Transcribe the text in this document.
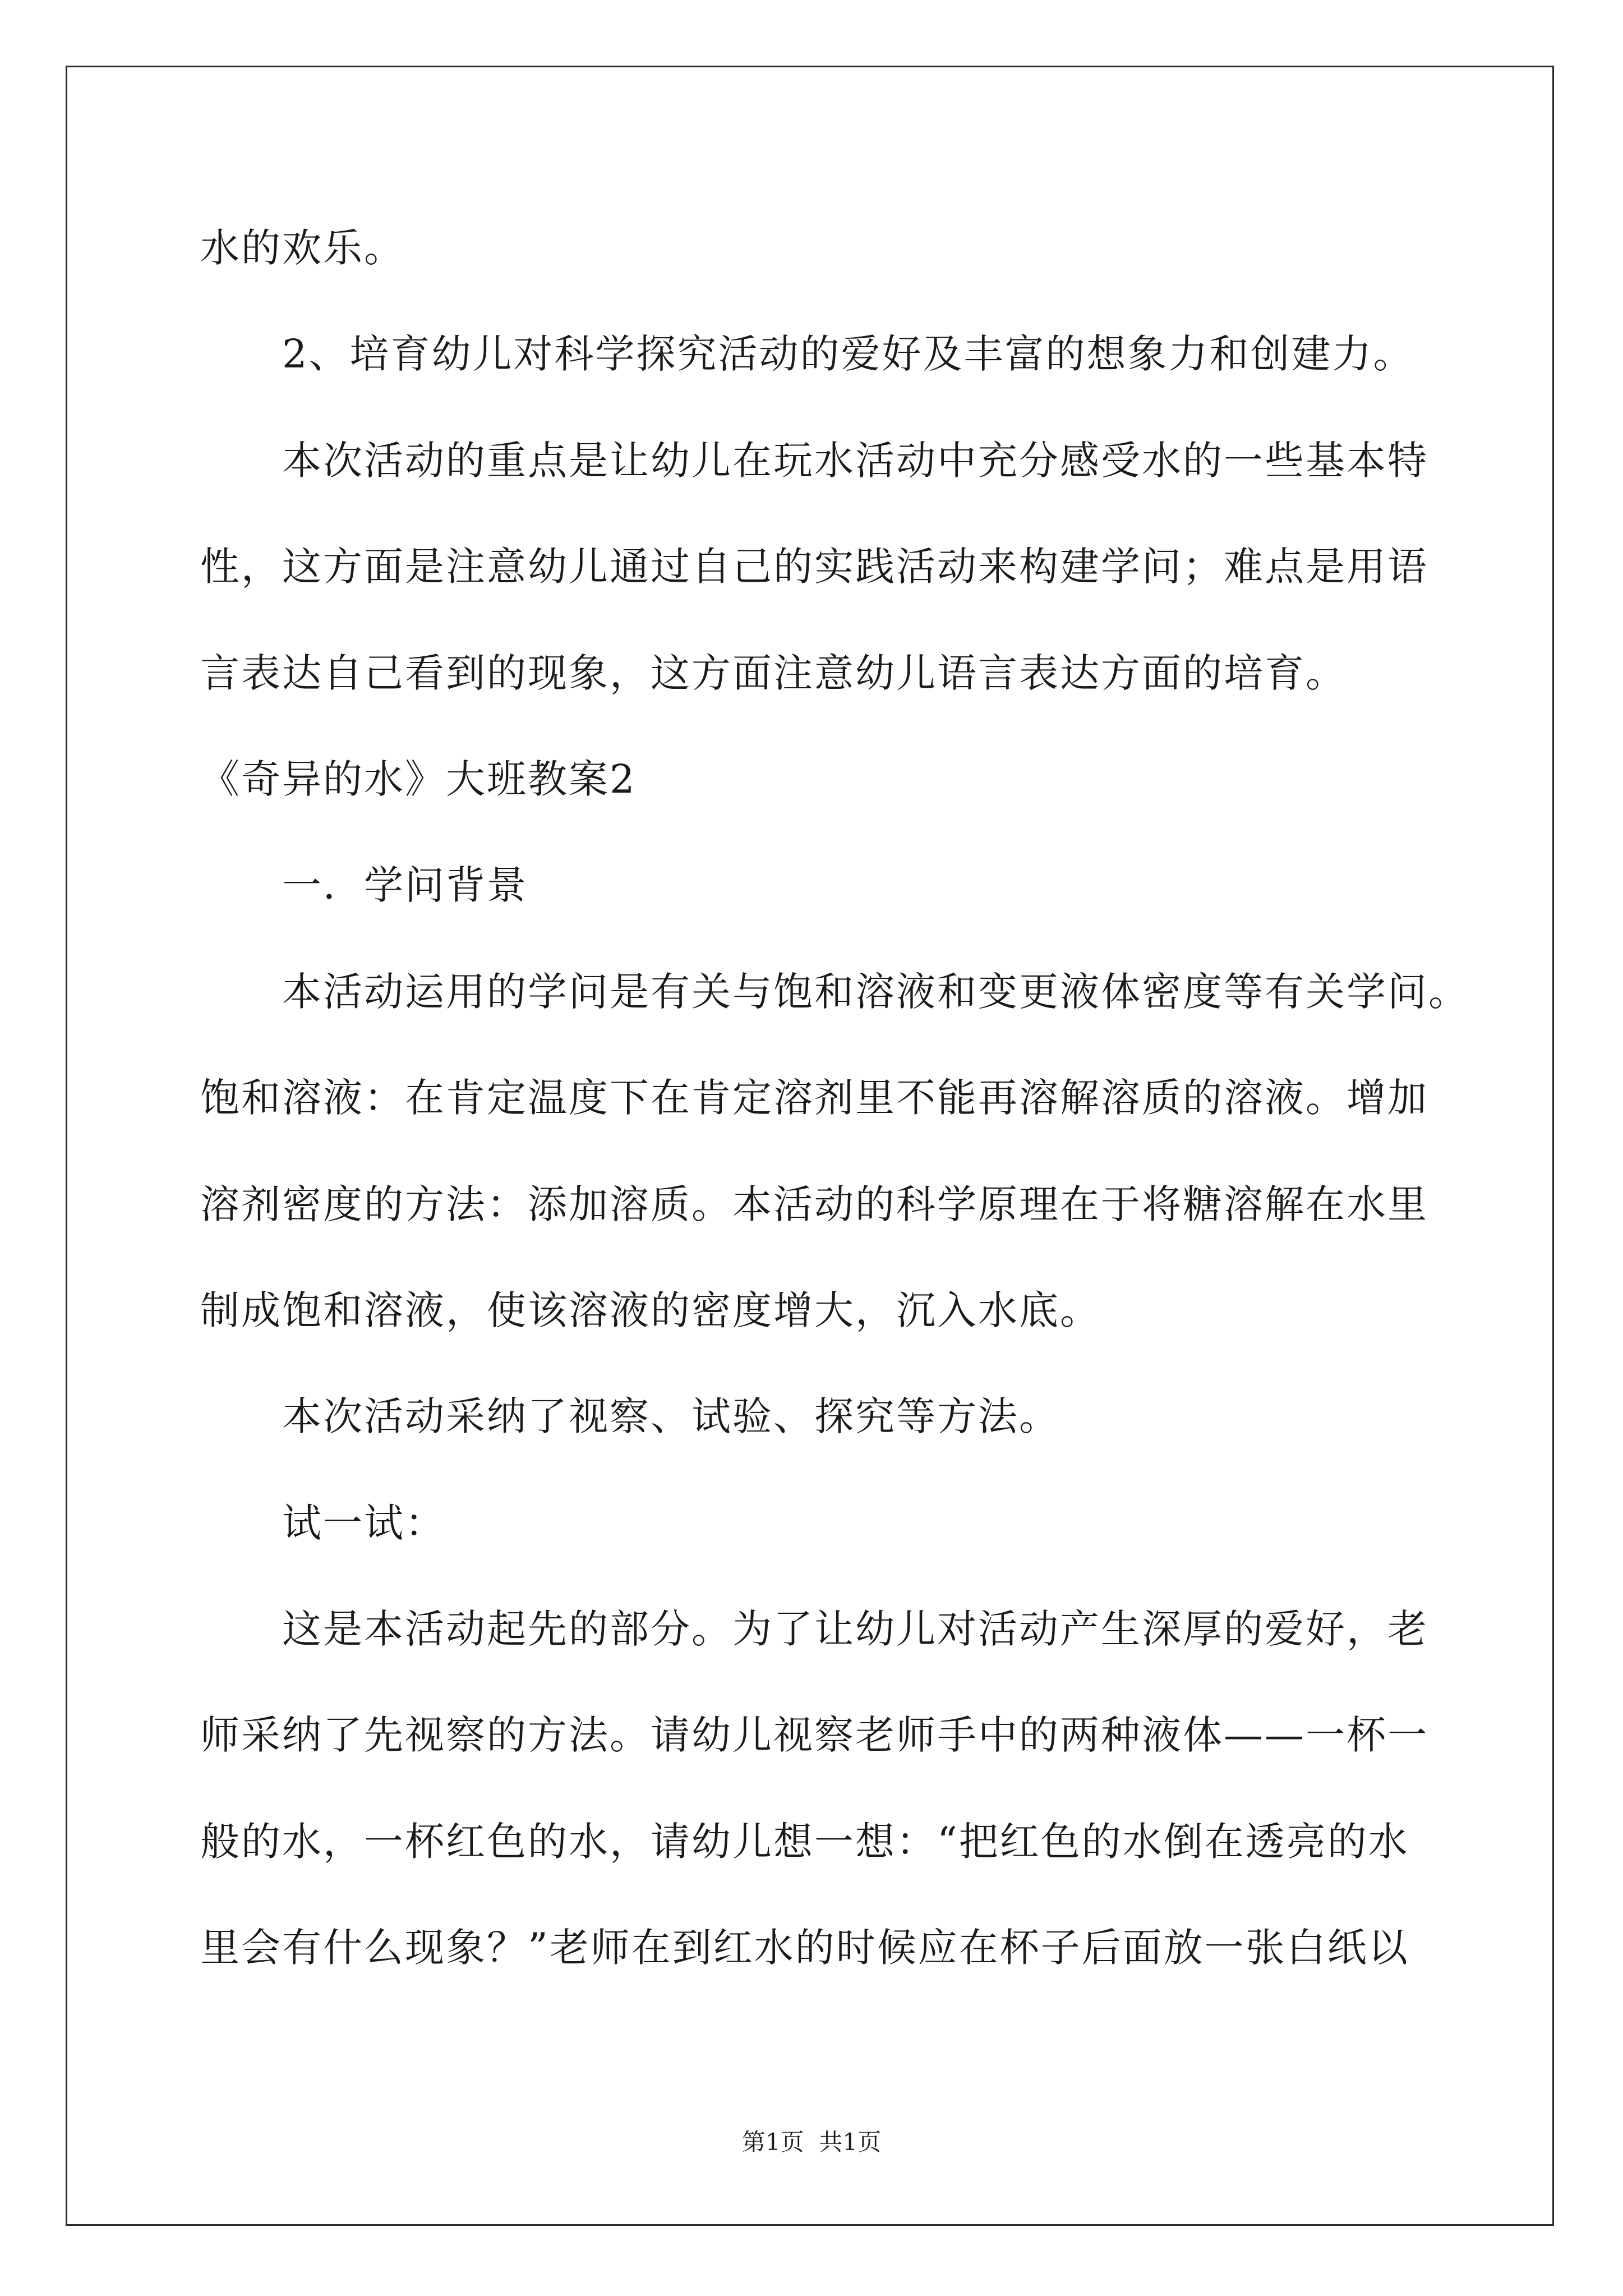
水的欢乐。
2、培育幼儿对科学探究活动的爱好及丰富的想象力和创建力。
本次活动的重点是让幼儿在玩水活动中充分感受水的一些基本特
性，这方面是注意幼儿通过自己的实践活动来构建学问；难点是用语
言表达自己看到的现象，这方面注意幼儿语言表达方面的培育。
《奇异的水》大班教案2
一．学问背景
本活动运用的学问是有关与饱和溶液和变更液体密度等有关学问。
饱和溶液：在肯定温度下在肯定溶剂里不能再溶解溶质的溶液。增加
溶剂密度的方法：添加溶质。本活动的科学原理在于将糖溶解在水里
制成饱和溶液，使该溶液的密度增大，沉入水底。
本次活动采纳了视察、试验、探究等方法。
试一试：
这是本活动起先的部分。为了让幼儿对活动产生深厚的爱好，老
师采纳了先视察的方法。请幼儿视察老师手中的两种液体——一杯一
般的水，一杯红色的水，请幼儿想一想：“把红色的水倒在透亮的水
里会有什么现象？”老师在到红水的时候应在杯子后面放一张白纸以
第1页  共1页
